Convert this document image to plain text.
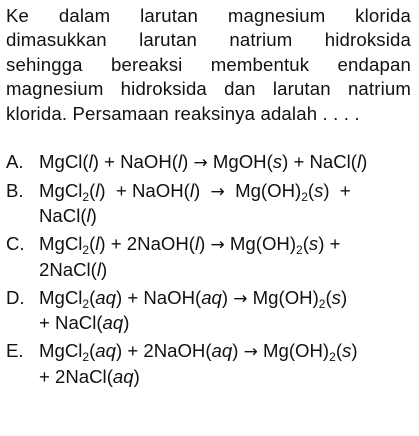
Ke dalam larutan magnesium klorida dimasukkan larutan natrium hidroksida sehingga bereaksi membentuk endapan magnesium hidroksida dan larutan natrium klorida. Persamaan reaksinya adalah . . . .
A. MgCl(l) + NaOH(l) → MgOH(s) + NaCl(l)
B. MgCl$_2$(l)  + NaOH(l)  →  $Mg(OH)_2(s)$  +
NaCl(l)
C. MgCl$_2$(l) + 2NaOH(l) → $Mg(OH)_2(s)$ +
2NaCl(l)
D. MgCl$_2$(aq) + NaOH(aq) → $Mg(OH)_2(s)$
+ NaCl(aq)
E. MgCl$_2$(aq) + 2NaOH(aq) → $Mg(OH)_2(s)$
+ 2NaCl(aq)
